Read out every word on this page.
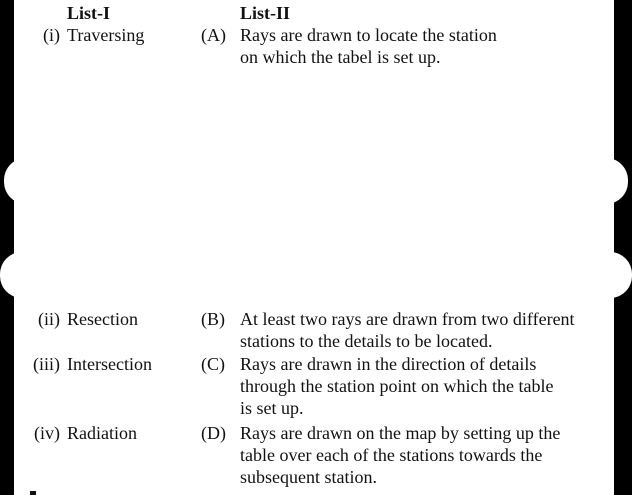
List-I	List-II
(i) Traversing	(A) Rays are drawn to locate the station
on which the tabel is set up.
(ii) Resection	(B) At least two rays are drawn from two different
stations to the details to be located.
(iii) Intersection	(C) Rays are drawn in the direction of details
through the station point on which the table
is set up.
(iv) Radiation	(D) Rays are drawn on the map by setting up the
table over each of the stations towards the
subsequent station.
